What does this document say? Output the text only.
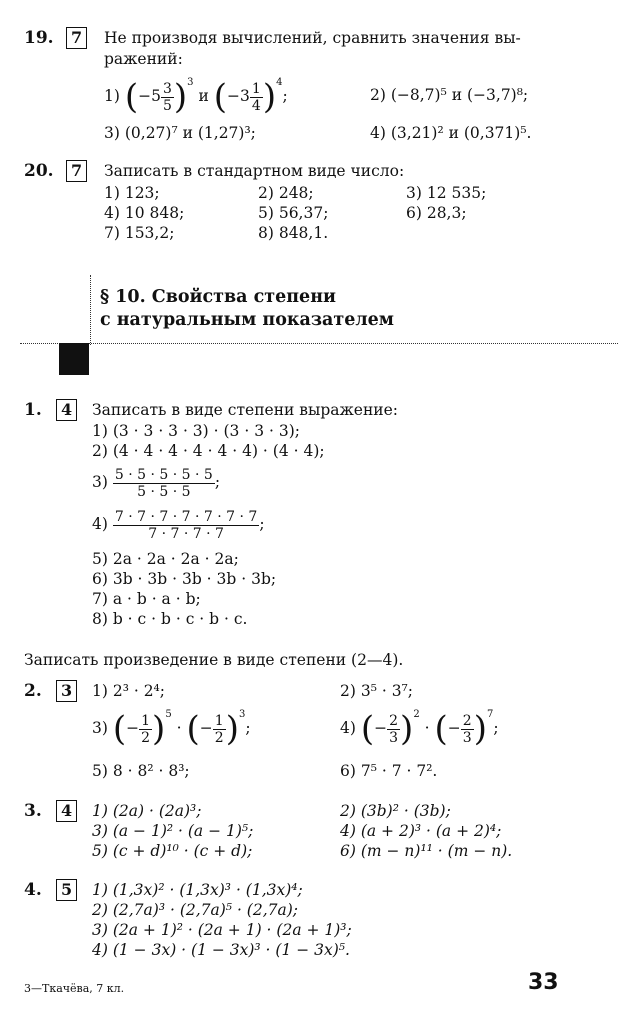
19.	7	Не производя вычислений, сравнить значения вы-
ражений:
1) $(-5 \frac{3}{5} )^3$ и $(-3 \frac{1}{4} )^4$;	2) (−8,7)⁵ и (−3,7)⁸;
3) (0,27)⁷ и (1,27)³;	4) (3,21)² и (0,371)⁵.
20.	7	Записать в стандартном виде число:
1) 123;	2) 248;	3) 12 535;
4) 10 848;	5) 56,37;	6) 28,3;
7) 153,2;	8) 848,1.
§ 10. Свойства степени
с натуральным показателем
1.	4	Записать в виде степени выражение:
1) (3 · 3 · 3 · 3) · (3 · 3 · 3);
2) (4 · 4 · 4 · 4 · 4 · 4) · (4 · 4);
$3) \frac{5 \cdot 5 \cdot 5 \cdot 5 \cdot 5}{5 \cdot 5 \cdot 5}$ ;
$4) \frac{7 \cdot 7 \cdot 7 \cdot 7 \cdot 7 \cdot 7 \cdot 7}{7 \cdot 7 \cdot 7 \cdot 7}$ ;
5) 2a · 2a · 2a · 2a;
6) 3b · 3b · 3b · 3b · 3b;
7) a · b · a · b;
8) b · c · b · c · b · c.
Записать произведение в виде степени (2—4).
2.	3	1) 2³ · 2⁴;	2) 3⁵ · 3⁷;
3) (− $\frac{1}{2} )^5$ · (− $\frac{1}{2} )^3$;	4) (− $\frac{2}{3} )^2$ · (− $\frac{2}{3} )^7$;
5) 8 · 8² · 8³;	6) 7⁵ · 7 · 7².
3.	4	1) (2a) · (2a)³;	2) (3b)² · (3b);
3) (a − 1)² · (a − 1)⁵;	4) (a + 2)³ · (a + 2)⁴;
5) (c + d)¹⁰ · (c + d);	6) (m − n)¹¹ · (m − n).
4.	5	1) (1,3x)² · (1,3x)³ · (1,3x)⁴;
2) (2,7a)³ · (2,7a)⁵ · (2,7a);
3) (2a + 1)² · (2a + 1) · (2a + 1)³;
4) (1 − 3x) · (1 − 3x)³ · (1 − 3x)⁵.
3—Ткачёва, 7 кл.	33
